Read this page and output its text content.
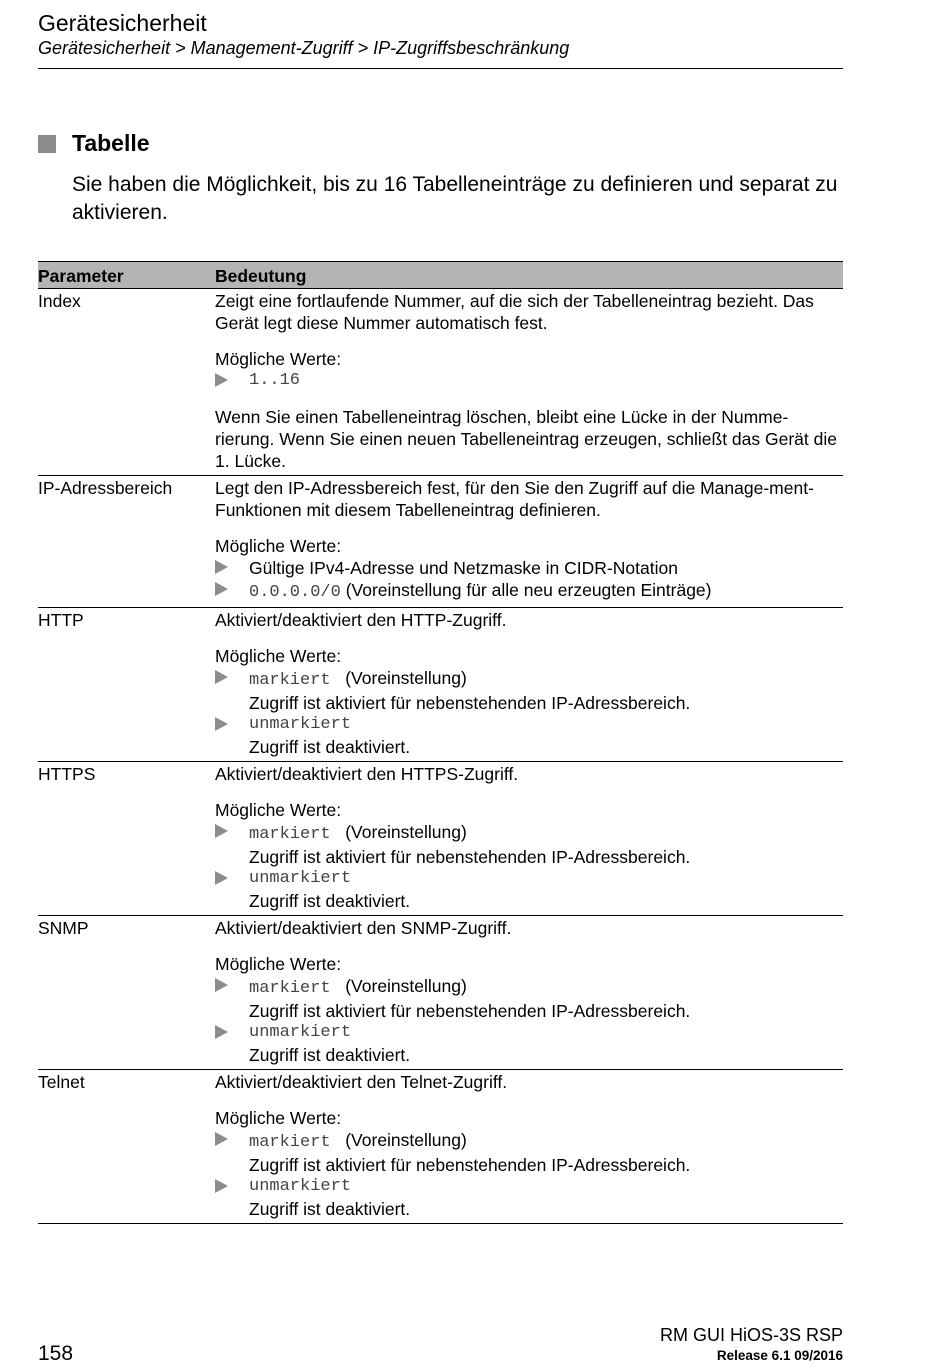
Gerätesicherheit
Gerätesicherheit > Management-Zugriff > IP-Zugriffsbeschränkung
Tabelle
Sie haben die Möglichkeit, bis zu 16 Tabelleneinträge zu definieren und separat zu aktivieren.
Parameter	Bedeutung
Index	Zeigt eine fortlaufende Nummer, auf die sich der Tabelleneintrag bezieht. Das Gerät legt diese Nummer automatisch fest.
Mögliche Werte:
1..16
Wenn Sie einen Tabelleneintrag löschen, bleibt eine Lücke in der Numme-rierung. Wenn Sie einen neuen Tabelleneintrag erzeugen, schließt das Gerät die 1. Lücke.
IP-Adressbereich	Legt den IP-Adressbereich fest, für den Sie den Zugriff auf die Manage-ment-Funktionen mit diesem Tabelleneintrag definieren.
Mögliche Werte:
Gültige IPv4-Adresse und Netzmaske in CIDR-Notation
0.0.0.0/0 (Voreinstellung für alle neu erzeugten Einträge)
HTTP	Aktiviert/deaktiviert den HTTP-Zugriff.
Mögliche Werte:
markiert (Voreinstellung)
Zugriff ist aktiviert für nebenstehenden IP-Adressbereich.
unmarkiert
Zugriff ist deaktiviert.
HTTPS	Aktiviert/deaktiviert den HTTPS-Zugriff.
Mögliche Werte:
markiert (Voreinstellung)
Zugriff ist aktiviert für nebenstehenden IP-Adressbereich.
unmarkiert
Zugriff ist deaktiviert.
SNMP	Aktiviert/deaktiviert den SNMP-Zugriff.
Mögliche Werte:
markiert (Voreinstellung)
Zugriff ist aktiviert für nebenstehenden IP-Adressbereich.
unmarkiert
Zugriff ist deaktiviert.
Telnet	Aktiviert/deaktiviert den Telnet-Zugriff.
Mögliche Werte:
markiert (Voreinstellung)
Zugriff ist aktiviert für nebenstehenden IP-Adressbereich.
unmarkiert
Zugriff ist deaktiviert.
158
RM GUI HiOS-3S RSP
Release 6.1 09/2016
